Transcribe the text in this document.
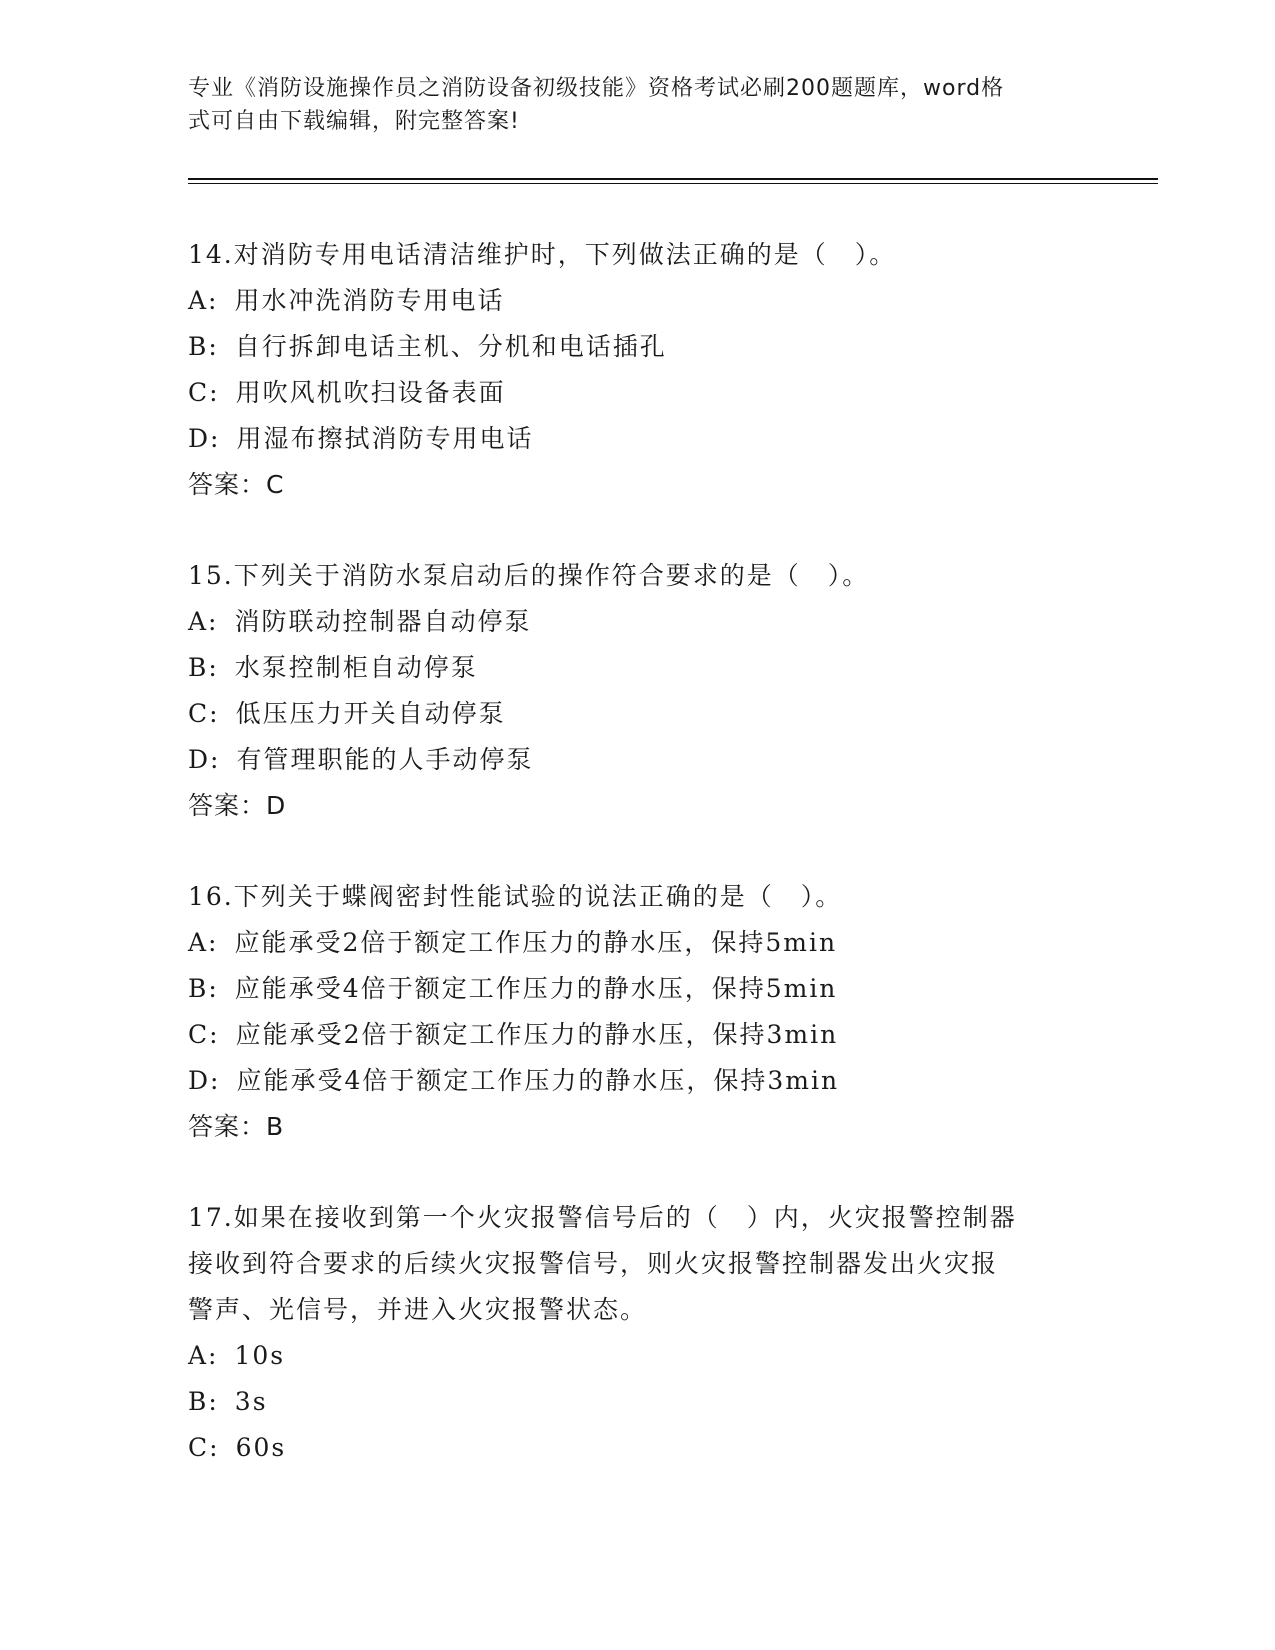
专业《消防设施操作员之消防设备初级技能》资格考试必刷200题题库，word格
式可自由下载编辑，附完整答案!
14.对消防专用电话清洁维护时，下列做法正确的是（　）。
A: 用水冲洗消防专用电话
B: 自行拆卸电话主机、分机和电话插孔
C: 用吹风机吹扫设备表面
D: 用湿布擦拭消防专用电话
答案：C
15.下列关于消防水泵启动后的操作符合要求的是（　）。
A: 消防联动控制器自动停泵
B: 水泵控制柜自动停泵
C: 低压压力开关自动停泵
D: 有管理职能的人手动停泵
答案：D
16.下列关于蝶阀密封性能试验的说法正确的是（　）。
A: 应能承受2倍于额定工作压力的静水压，保持5min
B: 应能承受4倍于额定工作压力的静水压，保持5min
C: 应能承受2倍于额定工作压力的静水压，保持3min
D: 应能承受4倍于额定工作压力的静水压，保持3min
答案：B
17.如果在接收到第一个火灾报警信号后的（　）内，火灾报警控制器
接收到符合要求的后续火灾报警信号，则火灾报警控制器发出火灾报
警声、光信号，并进入火灾报警状态。
A: 10s
B: 3s
C: 60s
